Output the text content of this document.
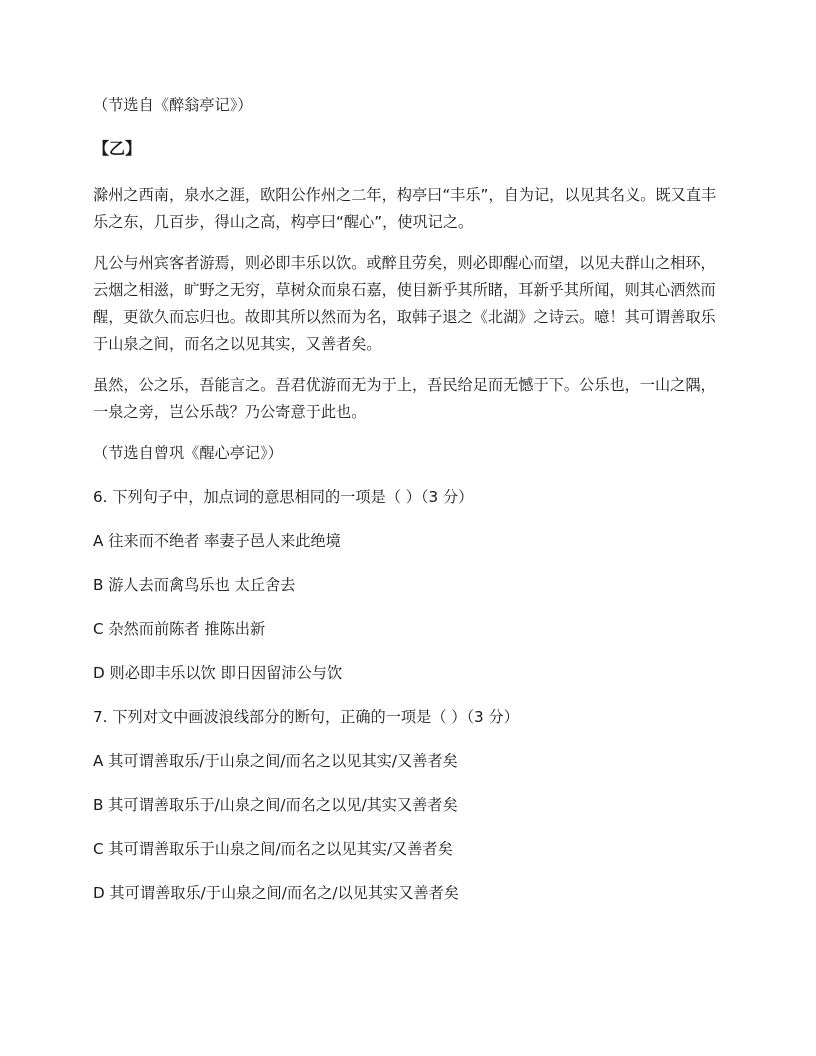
（节选自《醉翁亭记》）

【乙】

滁州之西南，泉水之涯，欧阳公作州之二年，构亭曰“丰乐”，自为记，以见其名义。既又直丰乐之东，几百步，得山之高，构亭曰“醒心”，使巩记之。

凡公与州宾客者游焉，则必即丰乐以饮。或醉且劳矣，则必即醒心而望，以见夫群山之相环，云烟之相滋，旷野之无穷，草树众而泉石嘉，使目新乎其所睹，耳新乎其所闻，则其心洒然而醒，更欲久而忘归也。故即其所以然而为名，取韩子退之《北湖》之诗云。噫！其可谓善取乐于山泉之间，而名之以见其实，又善者矣。

虽然，公之乐，吾能言之。吾君优游而无为于上，吾民给足而无憾于下。公乐也，一山之隅，一泉之旁，岂公乐哉？乃公寄意于此也。

（节选自曾巩《醒心亭记》）

6. 下列句子中，加点词的意思相同的一项是（ ）（3 分）

A 往来而不绝者 率妻子邑人来此绝境

B 游人去而禽鸟乐也 太丘舍去

C 杂然而前陈者 推陈出新

D 则必即丰乐以饮 即日因留沛公与饮

7. 下列对文中画波浪线部分的断句，正确的一项是（ ）（3 分）

A 其可谓善取乐/于山泉之间/而名之以见其实/又善者矣

B 其可谓善取乐于/山泉之间/而名之以见/其实又善者矣

C 其可谓善取乐于山泉之间/而名之以见其实/又善者矣

D 其可谓善取乐/于山泉之间/而名之/以见其实又善者矣
